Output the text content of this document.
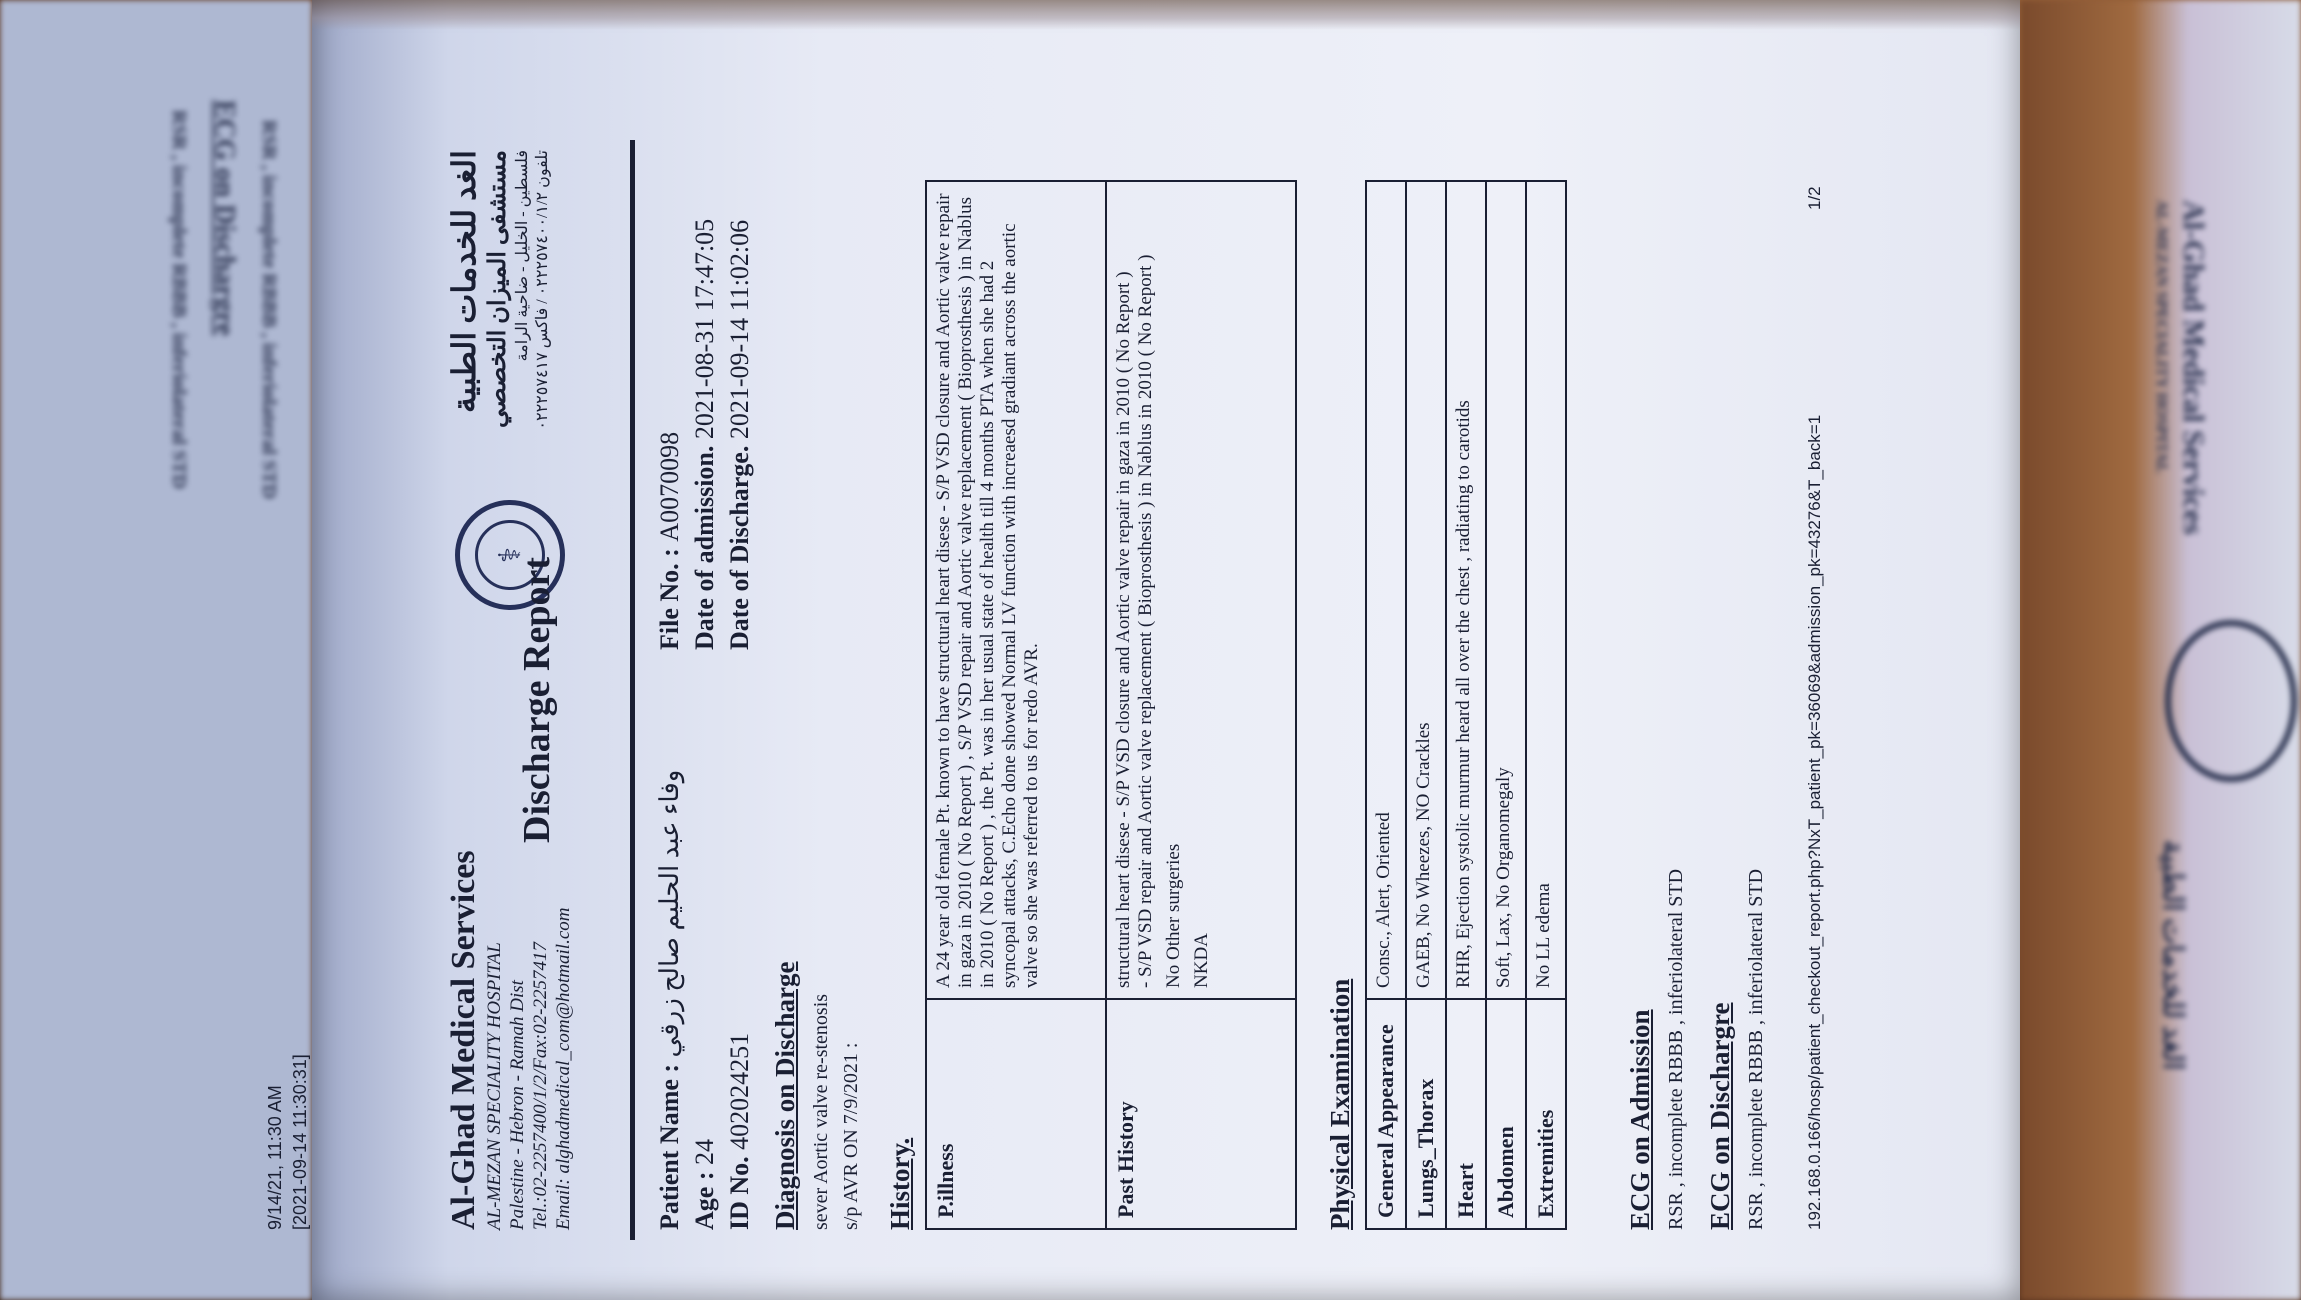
RSR , incomplete RBBB , inferiolateral STD
ECG on Dischargre
RSR , incomplete RBBB , inferiolateral STD	Al-Ghad Medical Services
AL-MEZAN SPECIALITY HOSPITAL
الغد للخدمات الطبية
9/14/21, 11:30 AM [2021-09-14 11:30:31]	Al-Ghad Medical Services AL-MEZAN SPECIALITY HOSPITAL Palestine - Hebron - Ramah Dist Tel.:02-2257400/1/2/Fax:02-2257417 Email: alghadmedical_com@hotmail.com
⚕
الغد للخدمات الطبية مستشفى الميزان التخصصي فلسطين - الخليل - ضاحية الرامة
تلفون ٠٢٢٢٥٧٤٠٠/١/٢ / فاكس ٠٢٢٢٥٧٤١٧
Discharge Report
Patient Name : وفاء عبد الحليم صالح زرقي
Age : 24
ID No. 402024251
File No. : A0070098 Date of admission. 2021-08-31 17:47:05
Date of Discharge. 2021-09-14 11:02:06
Diagnosis on Discharge sever Aortic valve re-stenosis s/p AVR ON 7/9/2021 : History. P.illness	A 24 year old female Pt. known to have structural heart disese - S/P VSD closure and Aortic valve repair in gaza in 2010 ( No Report ) , S/P VSD repair and Aortic valve replacement ( Bioprosthesis ) in Nablus in 2010 ( No Report ) , the Pt. was in her usual state of health till 4 months PTA when she had 2 syncopal attacks, C.Echo done showed Normal LV function with increaesd gradiant across the aortic valve so she was referred to us for redo AVR.
Past History	structural heart disese - S/P VSD closure and Aortic valve repair in gaza in 2010 ( No Report ) - S/P VSD repair and Aortic valve replacement ( Bioprosthesis ) in Nablus in 2010 ( No Report ) No Other surgeries NKDA
Physical Examination General Appearance	Consc., Alert, Oriented
Lungs_Thorax	GAEB, No Wheezes, NO Crackles
Heart	RHR, Ejection systolic murmur heard all over the chest , radiating to carotids
Abdomen	Soft, Lax, No Organomegaly
Extremities	No LL edema
ECG on Admission RSR , incomplete RBBB , inferiolateral STD ECG on Dischargre RSR , incomplete RBBB , inferiolateral STD 192.168.0.166/hosp/patient_checkout_report.php?NxT_patient_pk=36069&admission_pk=43276&T_back=1
1/2
